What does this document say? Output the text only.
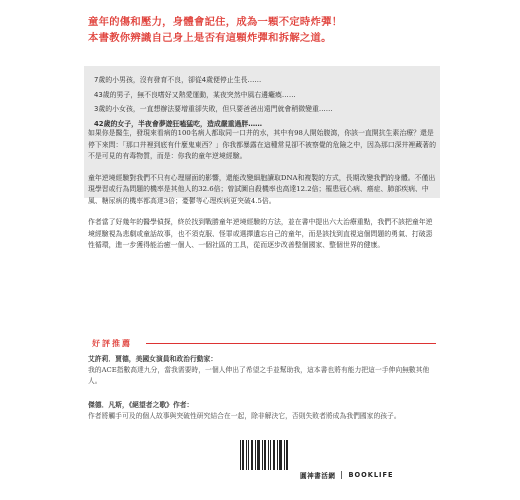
童年的傷和壓力，身體會記住，成為一顆不定時炸彈！
本書教你辨識自己身上是否有這顆炸彈和拆解之道。
7歲的小男孩，沒有發育不良，卻從4歲便停止生長……
43歲的男子，無不良嗜好又熱愛運動，某夜突然中風右邊癱瘓……
3歲的小女孩，一直想辦法要增重卻失敗，但只要爸爸出遠門就會稍微變重……
42歲的女子，半夜會夢遊狂嗑猛吃，造成嚴重過胖……

如果你是醫生，發現來看病的100名病人都取同一口井的水，其中有98人開始腹瀉，你該一直開抗生素治療？還是停下來問：「那口井裡到底有什麼鬼東西？」你我都暴露在這種常見卻不被察覺的危險之中，因為那口深井裡藏著的不是可見的有毒物質，而是：你我的童年逆境經驗。

童年逆境經驗對我們不只有心理層面的影響，還能改變細胞讀取DNA和複製的方式，長期改變我們的身體。不僅出現學習或行為問題的機率是其他人的32.6倍；曾試圖自殺機率也高達12.2倍；罹患冠心病、癌症、肺部疾病、中風、糖尿病的機率都高達3倍；憂鬱等心理疾病更突破4.5倍。

作者當了好幾年的醫學偵探，終於找到戰勝童年逆境經驗的方法，並在書中提出六大治療重點，我們不該把童年逆境經驗視為悲劇或童話故事，也不須克服、怪罪或選擇遺忘自己的童年，而是該找到直視這個問題的勇氣、打破惡性循環，進一步獲得能治癒一個人、一個社區的工具，從而逐步改善整個國家、整個世界的健康。

好評推薦
艾許莉．賈德，美國女演員和政治行動家：
我的ACE指數高達九分，當我需要時，一個人伸出了希望之手並幫助我，這本書也將有能力把這一手伸向無數其他人。
傑德．凡斯，《絕望者之歌》作者：
作者將觸手可及的個人故事與突破性研究結合在一起，除非解決它，否則失敗者將成為我們國家的孩子。
圓神書活網 BOOKLIFE
